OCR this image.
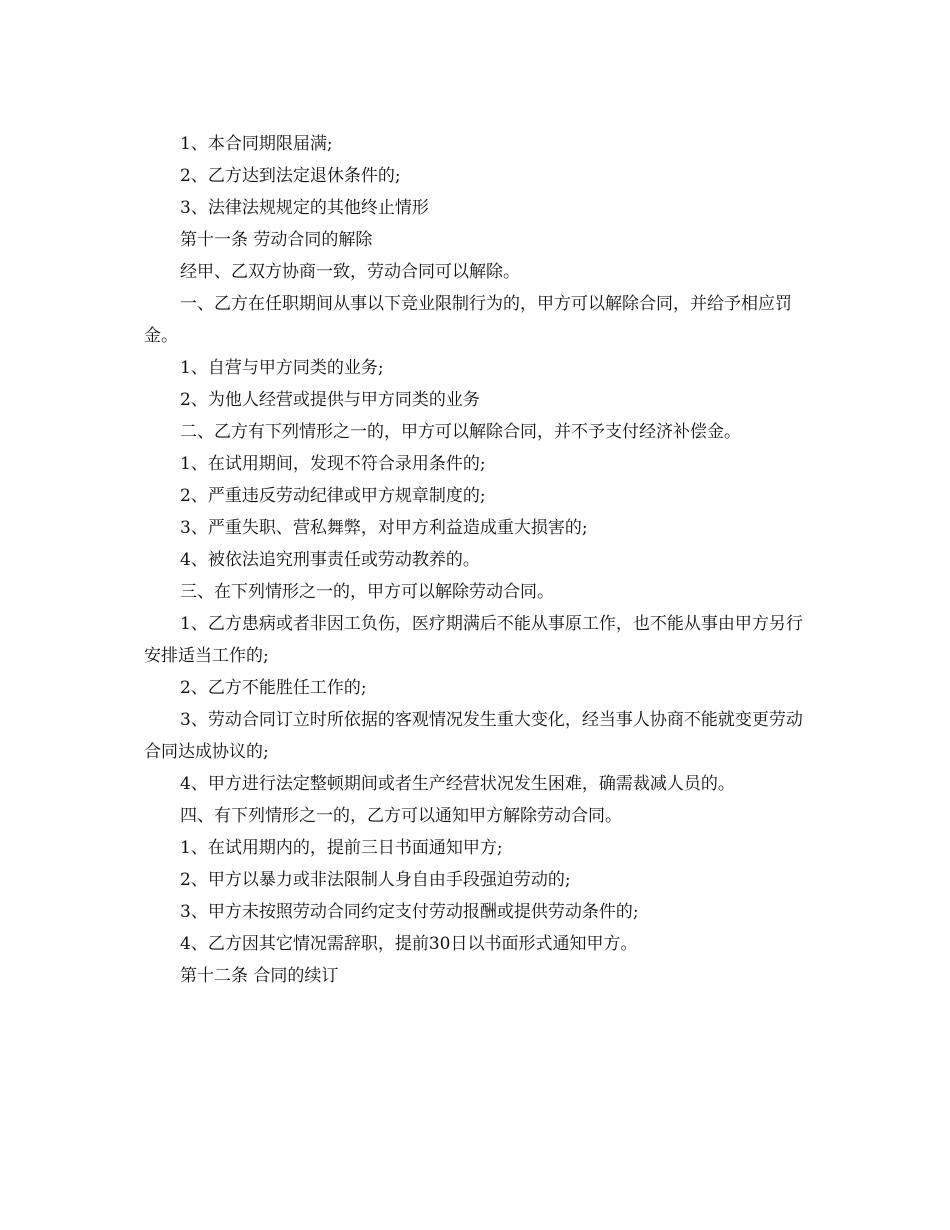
1、本合同期限届满;

2、乙方达到法定退休条件的;

3、法律法规规定的其他终止情形

第十一条 劳动合同的解除

经甲、乙双方协商一致，劳动合同可以解除。

一、乙方在任职期间从事以下竞业限制行为的，甲方可以解除合同，并给予相应罚金。

1、自营与甲方同类的业务;

2、为他人经营或提供与甲方同类的业务

二、乙方有下列情形之一的，甲方可以解除合同，并不予支付经济补偿金。

1、在试用期间，发现不符合录用条件的;

2、严重违反劳动纪律或甲方规章制度的;

3、严重失职、营私舞弊，对甲方利益造成重大损害的;

4、被依法追究刑事责任或劳动教养的。

三、在下列情形之一的，甲方可以解除劳动合同。

1、乙方患病或者非因工负伤，医疗期满后不能从事原工作，也不能从事由甲方另行安排适当工作的;

2、乙方不能胜任工作的;

3、劳动合同订立时所依据的客观情况发生重大变化，经当事人协商不能就变更劳动合同达成协议的;

4、甲方进行法定整顿期间或者生产经营状况发生困难，确需裁减人员的。

四、有下列情形之一的，乙方可以通知甲方解除劳动合同。

1、在试用期内的，提前三日书面通知甲方;

2、甲方以暴力或非法限制人身自由手段强迫劳动的;

3、甲方未按照劳动合同约定支付劳动报酬或提供劳动条件的;

4、乙方因其它情况需辞职，提前30日以书面形式通知甲方。

第十二条 合同的续订
